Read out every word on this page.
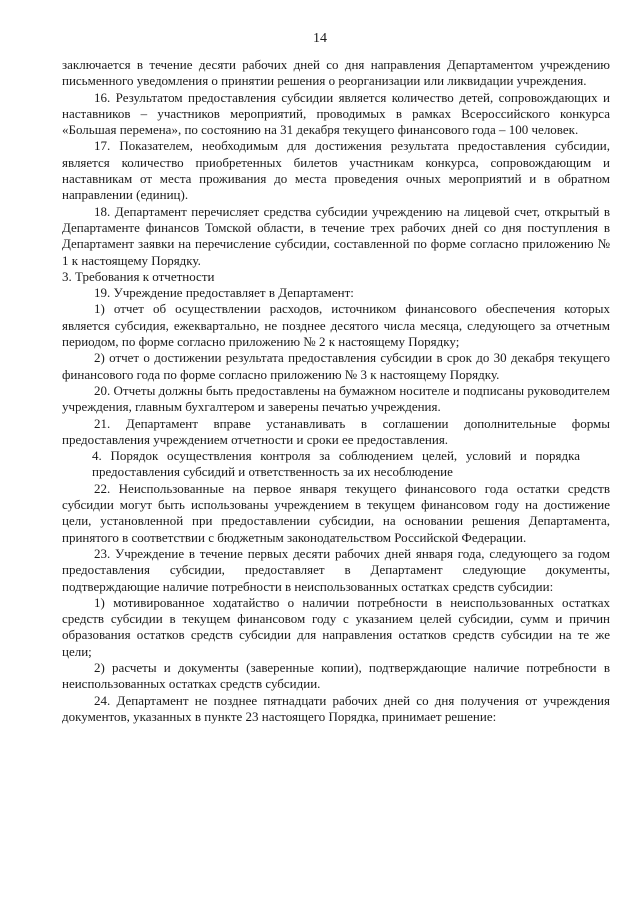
14

заключается в течение десяти рабочих дней со дня направления Департаментом учреждению письменного уведомления о принятии решения о реорганизации или ликвидации учреждения.

16. Результатом предоставления субсидии является количество детей, сопровождающих и наставников – участников мероприятий, проводимых в рамках Всероссийского конкурса «Большая перемена», по состоянию на 31 декабря текущего финансового года – 100 человек.

17. Показателем, необходимым для достижения результата предоставления субсидии, является количество приобретенных билетов участникам конкурса, сопровождающим и наставникам от места проживания до места проведения очных мероприятий и в обратном направлении (единиц).

18. Департамент перечисляет средства субсидии учреждению на лицевой счет, открытый в Департаменте финансов Томской области, в течение трех рабочих дней со дня поступления в Департамент заявки на перечисление субсидии, составленной по форме согласно приложению № 1 к настоящему Порядку.

3. Требования к отчетности

19. Учреждение предоставляет в Департамент:

1) отчет об осуществлении расходов, источником финансового обеспечения которых является субсидия, ежеквартально, не позднее десятого числа месяца, следующего за отчетным периодом, по форме согласно приложению № 2 к настоящему Порядку;

2) отчет о достижении результата предоставления субсидии в срок до 30 декабря текущего финансового года по форме согласно приложению № 3 к настоящему Порядку.

20. Отчеты должны быть предоставлены на бумажном носителе и подписаны руководителем учреждения, главным бухгалтером и заверены печатью учреждения.

21. Департамент вправе устанавливать в соглашении дополнительные формы предоставления учреждением отчетности и сроки ее предоставления.

4. Порядок осуществления контроля за соблюдением целей, условий и порядка предоставления субсидий и ответственность за их несоблюдение

22. Неиспользованные на первое января текущего финансового года остатки средств субсидии могут быть использованы учреждением в текущем финансовом году на достижение цели, установленной при предоставлении субсидии, на основании решения Департамента, принятого в соответствии с бюджетным законодательством Российской Федерации.

23. Учреждение в течение первых десяти рабочих дней января года, следующего за годом предоставления субсидии, предоставляет в Департамент следующие документы, подтверждающие наличие потребности в неиспользованных остатках средств субсидии:

1) мотивированное ходатайство о наличии потребности в неиспользованных остатках средств субсидии в текущем финансовом году с указанием целей субсидии, сумм и причин образования остатков средств субсидии для направления остатков средств субсидии на те же цели;

2) расчеты и документы (заверенные копии), подтверждающие наличие потребности в неиспользованных остатках средств субсидии.

24. Департамент не позднее пятнадцати рабочих дней со дня получения от учреждения документов, указанных в пункте 23 настоящего Порядка, принимает решение:
